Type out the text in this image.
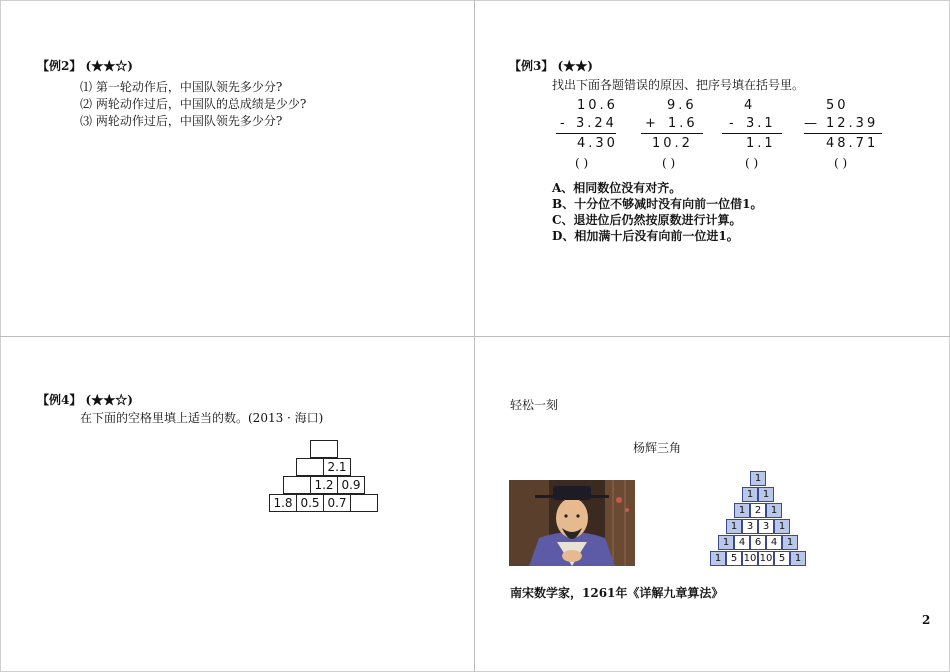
【例2】 (★★☆)
⑴ 第一轮动作后，中国队领先多少分?
⑵ 两轮动作过后，中国队的总成绩是少少?
⑶ 两轮动作过后，中国队领先多少分?
【例3】 (★★)
找出下面各题错误的原因、把序号填在括号里。
10.6
- 3.24
4.30
( )
9.6
+ 1.6
10.2
( )
4
- 3.1
1.1
( )
50
— 12.39
48.71
( )
A、相同数位没有对齐。
B、十分位不够减时没有向前一位借1。
C、退进位后仍然按原数进行计算。
D、相加满十后没有向前一位进1。
【例4】 (★★☆)
在下面的空格里填上适当的数。(2013 · 海口)
2.1
1.2 0.9
1.8 0.5 0.7
轻松一刻
杨辉三角
1
1 1
1 2 1
1 3 3 1
1 4 6 4 1
1 5 10 10 5 1
南宋数学家，1261年《详解九章算法》
2
